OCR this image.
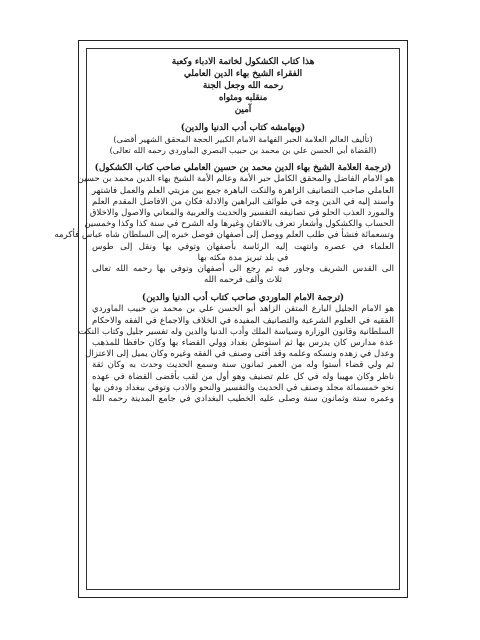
هذا كتاب الكشكول لخاتمة الادباء وكعبة
الفقراء الشيخ بهاء الدين العاملي
رحمه الله وجعل الجنة
منقلبه ومثواه
آمين
(وبهامشه كتاب أدب الدنيا والدين)
(تأليف العالم العلامة الحبر الفهامة الامام الكبير الحجة المحقق الشهير أقضى)
(القضاة أبي الحسن علي بن محمد بن حبيب البصري الماوردي رحمه الله تعالى)
(ترجمة العلامة الشيخ بهاء الدين محمد بن حسين العاملي صاحب كتاب الكشكول)
هو الامام الفاضل والمحقق الكامل حبر الأمة وعالم الأمة الشيخ بهاء الدين محمد بن حسين
العاملي صاحب التصانيف الزاهرة والنكت الباهرة جمع بين مزيتي العلم والعمل فاشتهر
وأسند إليه في الدين وجه في طوائف البراهين والادلة فكان من الافاضل المقدم العلم
والمورد العذب الحلو في تصانيفه التفسير والحديث والعربية والمعاني والاصول والاخلاق
الحساب والكشكول وأشعار تعرف بالاتقان وغيرها وله الشرح في سنة كذا وكذا وخمسين
وتسعمائة فنشأ في طلب العلم ووصل إلى أصفهان فوصل خبره إلى السلطان شاه عباس فأكرمه
العلماء في عصره وانتهت إليه الرئاسة بأصفهان وتوفي بها ونقل إلى طوس
في بلد تبريز مدة مكثه بها
الى القدس الشريف وجاور فيه ثم رجع الى أصفهان وتوفي بها رحمه الله تعالى
ثلاث وألف فرحمه الله
(ترجمة الامام الماوردي صاحب كتاب أدب الدنيا والدين)
هو الامام الجليل البارع المتقن الزاهد أبو الحسن علي بن محمد بن حبيب الماوردي
الفقيه في العلوم الشرعية والتصانيف المفيدة في الخلاف والاجماع في الفقه والاحكام
السلطانية وقانون الوزارة وسياسة الملك وأدب الدنيا والدين وله تفسير جليل وكتاب النكت
عدة مدارس كان يدرس بها ثم استوطن بغداد وولي القضاء بها وكان حافظا للمذهب
وعدل في زهده ونسكه وعلمه وقد أفتى وصنف في الفقه وغيره وكان يميل إلى الاعتزال
ثم ولي قضاء أستوا وله من العمر ثمانون سنة وسمع الحديث وحدث به وكان ثقة
ناظر وكان مهيبا وله في كل علم تصنيف وهو أول من لقب بأقضى القضاة في عهده
نحو خمسمائة مجلد وصنف في الحديث والتفسير والنحو والادب وتوفي ببغداد ودفن بها
وعمره ستة وثمانون سنة وصلى عليه الخطيب البغدادي في جامع المدينة رحمه الله
